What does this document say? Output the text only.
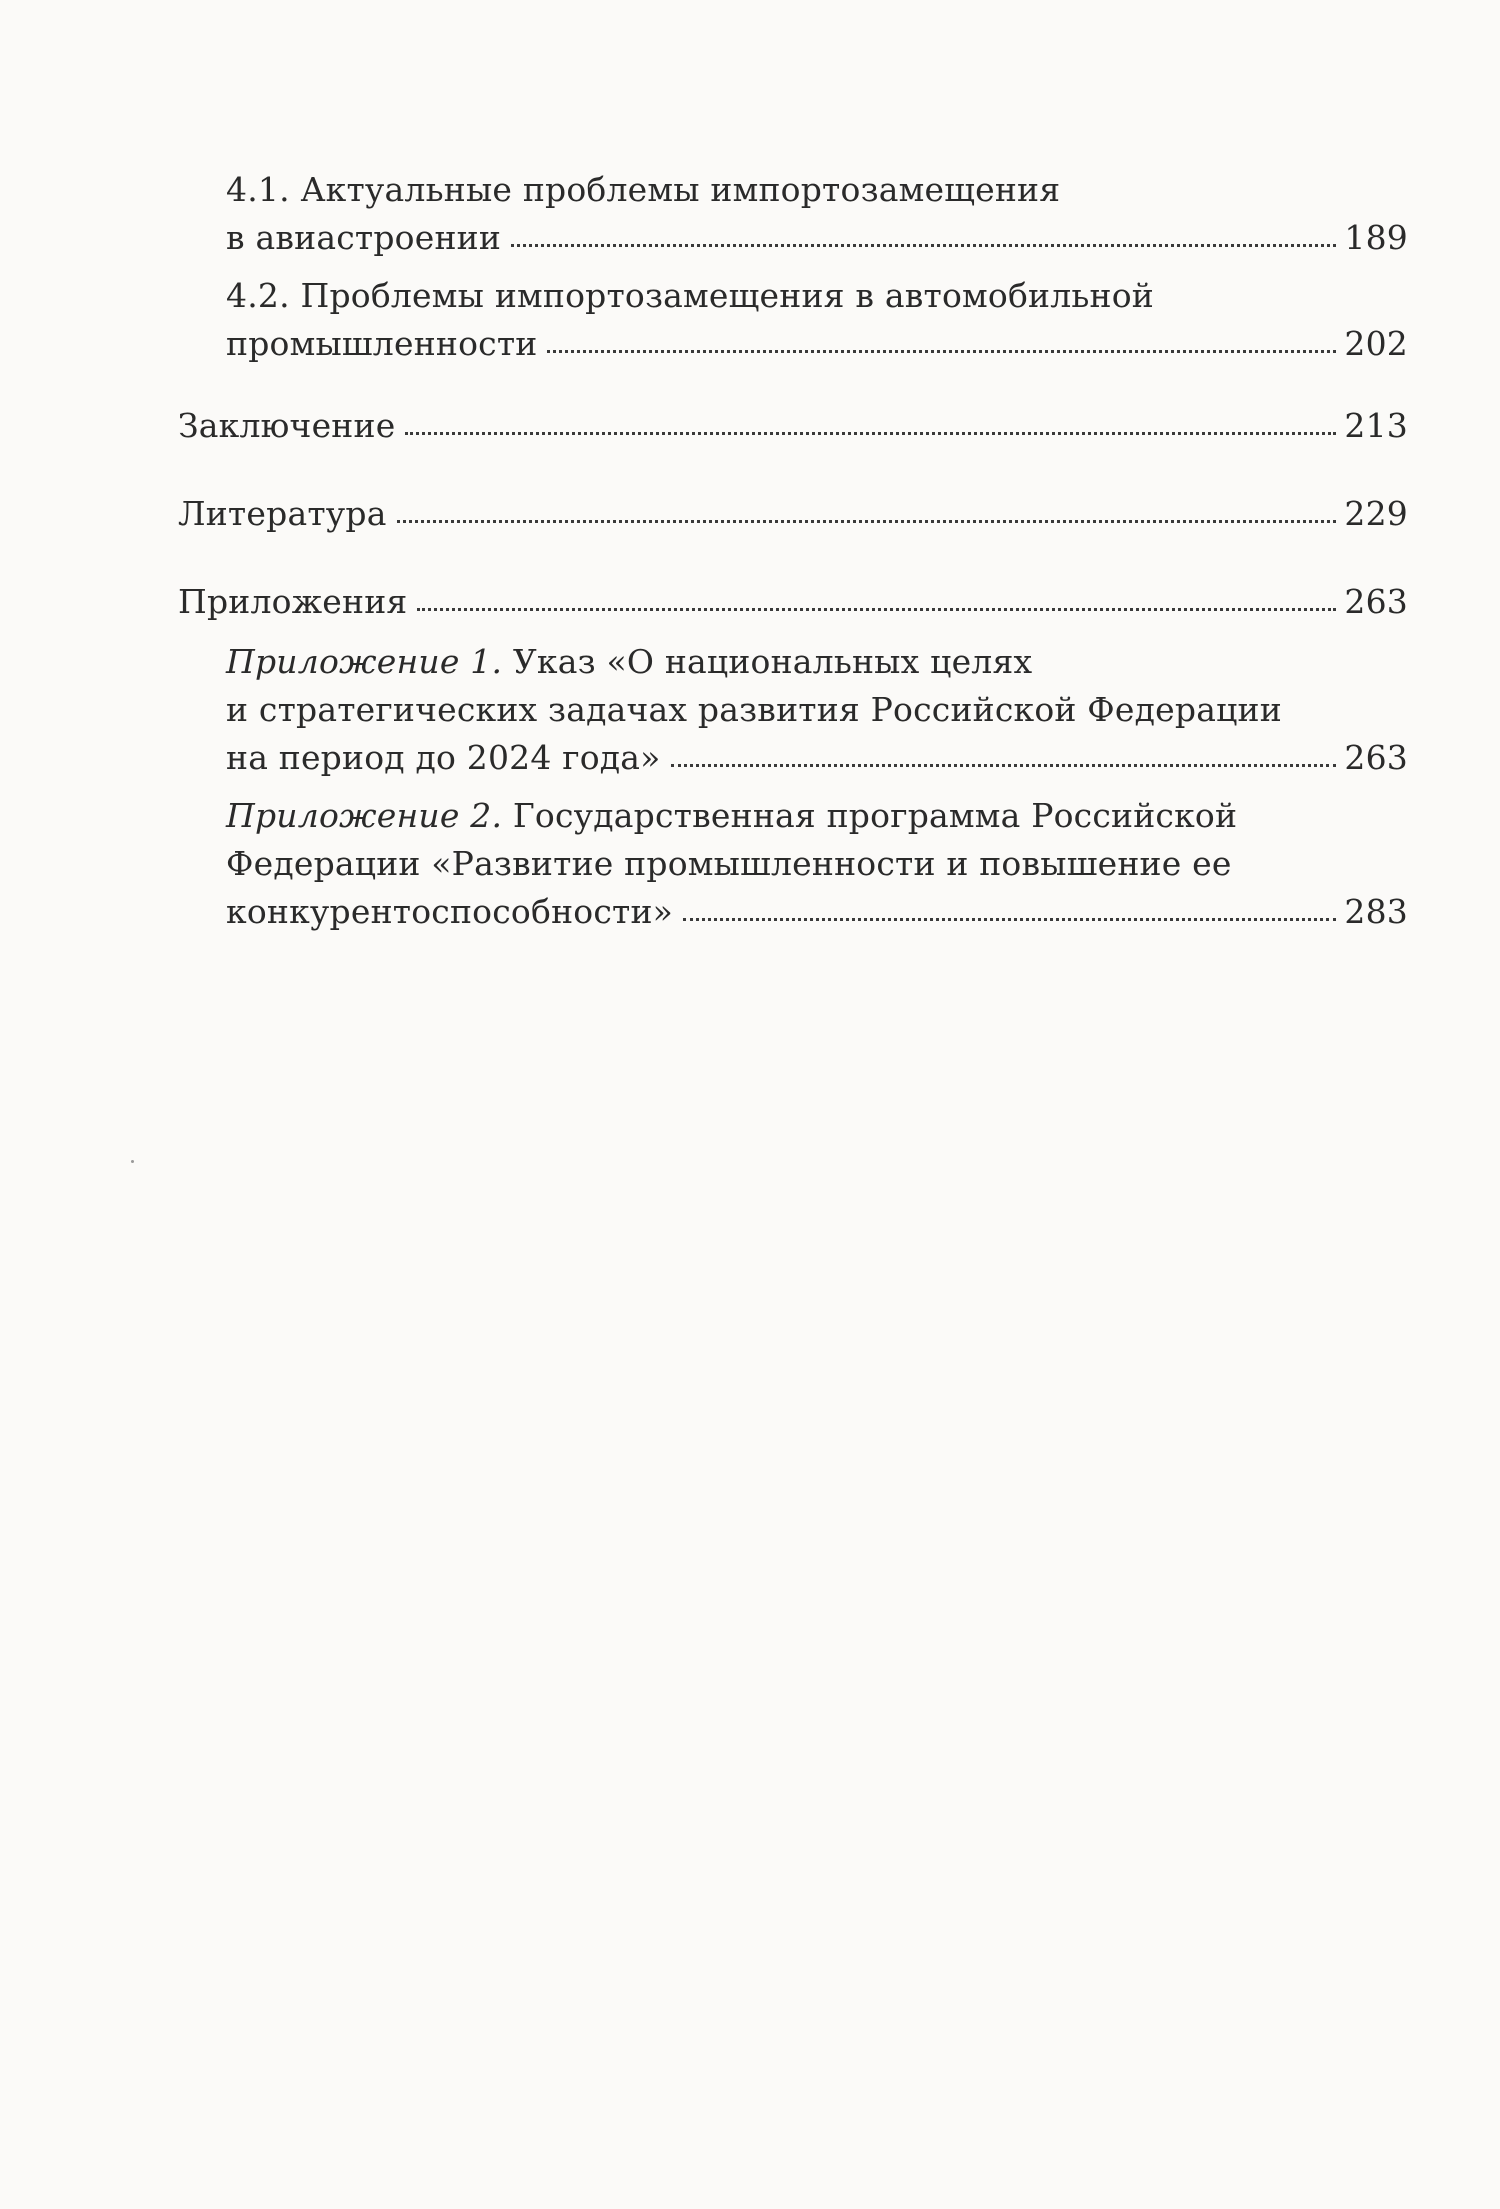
4.1. Актуальные проблемы импортозамещения
в авиастроении	189
4.2. Проблемы импортозамещения в автомобильной
промышленности	202
Заключение	213
Литература	229
Приложения	263
Приложение 1. Указ «О национальных целях
и стратегических задачах развития Российской Федерации
на период до 2024 года»	263
Приложение 2. Государственная программа Российской
Федерации «Развитие промышленности и повышение ее
конкурентоспособности»	283
